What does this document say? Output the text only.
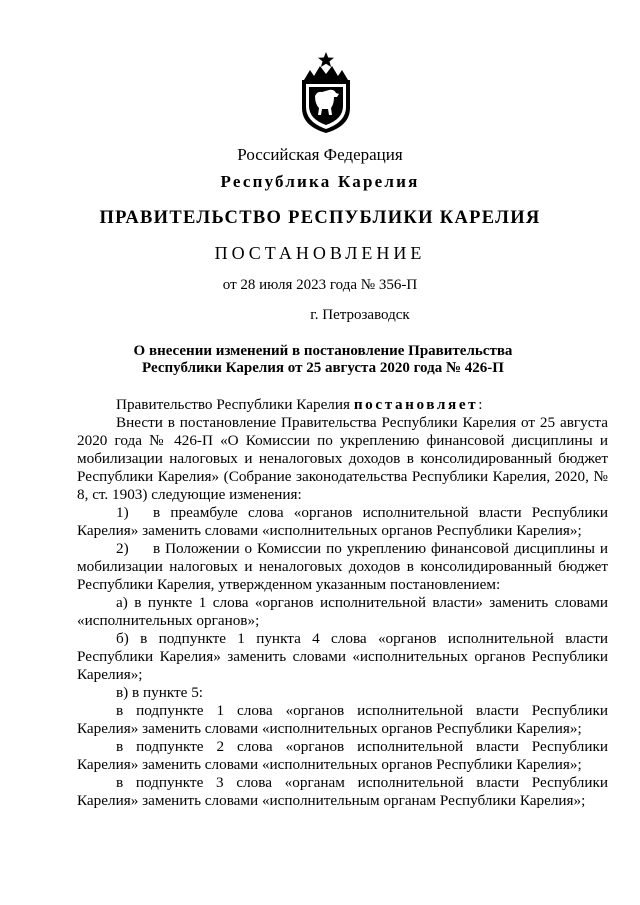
Российская Федерация
Республика Карелия
ПРАВИТЕЛЬСТВО РЕСПУБЛИКИ КАРЕЛИЯ
ПОСТАНОВЛЕНИЕ
от 28 июля 2023 года № 356-П
г. Петрозаводск
О внесении изменений в постановление Правительства
Республики Карелия от 25 августа 2020 года № 426-П

Правительство Республики Карелия постановляет:

Внести в постановление Правительства Республики Карелия от 25 августа 2020 года № 426-П «О Комиссии по укреплению финансовой дисциплины и мобилизации налоговых и неналоговых доходов в консолидированный бюджет Республики Карелия» (Собрание законодательства Республики Карелия, 2020, № 8, ст. 1903) следующие изменения:

1) в преамбуле слова «органов исполнительной власти Республики Карелия» заменить словами «исполнительных органов Республики Карелия»;

2) в Положении о Комиссии по укреплению финансовой дисциплины и мобилизации налоговых и неналоговых доходов в консолидированный бюджет Республики Карелия, утвержденном указанным постановлением:

а) в пункте 1 слова «органов исполнительной власти» заменить словами «исполнительных органов»;

б) в подпункте 1 пункта 4 слова «органов исполнительной власти Республики Карелия» заменить словами «исполнительных органов Республики Карелия»;

в) в пункте 5:

в подпункте 1 слова «органов исполнительной власти Республики Карелия» заменить словами «исполнительных органов Республики Карелия»;

в подпункте 2 слова «органов исполнительной власти Республики Карелия» заменить словами «исполнительных органов Республики Карелия»;

в подпункте 3 слова «органам исполнительной власти Республики Карелия» заменить словами «исполнительным органам Республики Карелия»;
